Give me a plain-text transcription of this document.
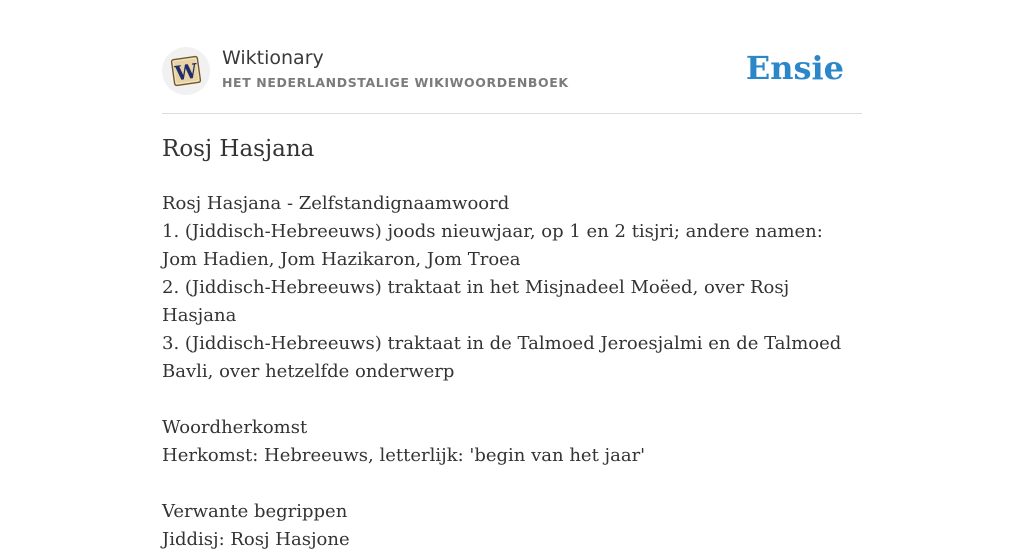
W
Wiktionary
HET NEDERLANDSTALIGE WIKIWOORDENBOEK	Ensie
Rosj Hasjana
Rosj Hasjana - Zelfstandignaamwoord
1. (Jiddisch-Hebreeuws) joods nieuwjaar, op 1 en 2 tisjri; andere namen: Jom Hadien, Jom Hazikaron, Jom Troea
2. (Jiddisch-Hebreeuws) traktaat in het Misjnadeel Moëed, over Rosj Hasjana
3. (Jiddisch-Hebreeuws) traktaat in de Talmoed Jeroesjalmi en de Talmoed Bavli, over hetzelfde onderwerp
Woordherkomst
Herkomst: Hebreeuws, letterlijk: 'begin van het jaar'
Verwante begrippen
Jiddisj: Rosj Hasjone
